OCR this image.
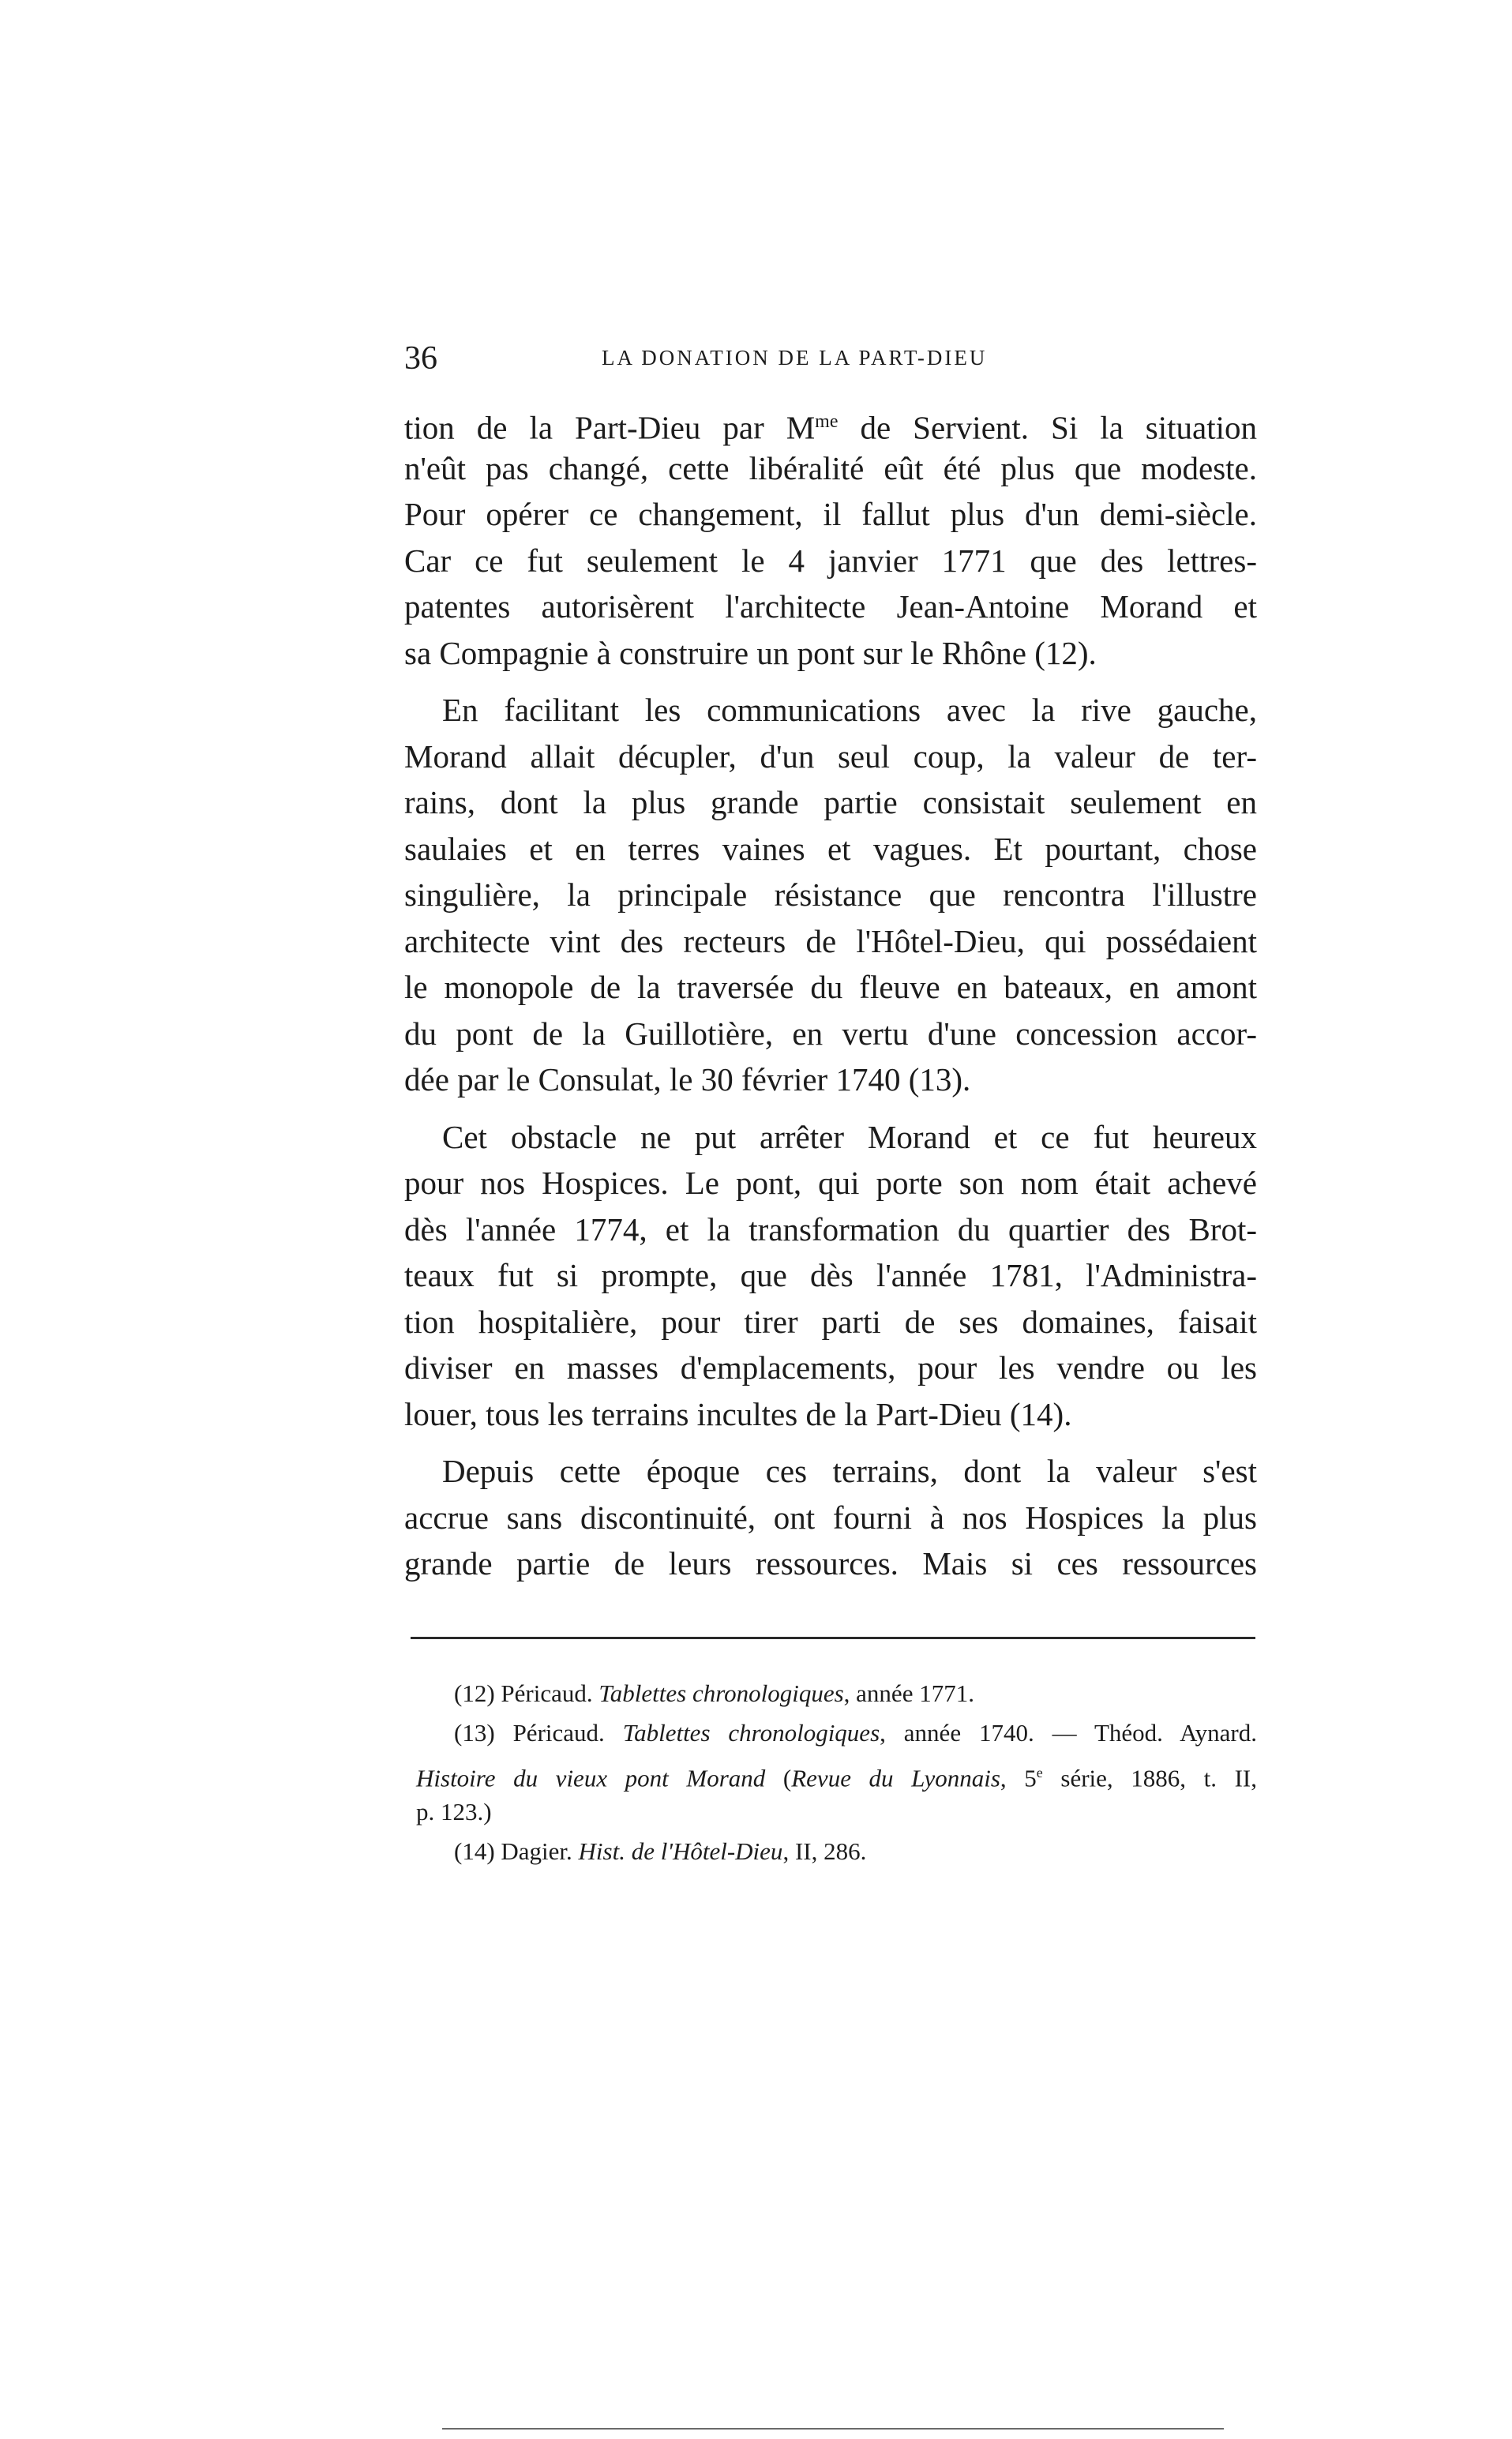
36	LA DONATION DE LA PART-DIEU
tion de la Part-Dieu par $M^{me}$ de Servient. Si la situation
n'eût pas changé, cette libéralité eût été plus que modeste.
Pour opérer ce changement, il fallut plus d'un demi-siècle.
Car ce fut seulement le 4 janvier 1771 que des lettres-
patentes autorisèrent l'architecte Jean-Antoine Morand et
sa Compagnie à construire un pont sur le Rhône (12).
En facilitant les communications avec la rive gauche,
Morand allait décupler, d'un seul coup, la valeur de ter-
rains, dont la plus grande partie consistait seulement en
saulaies et en terres vaines et vagues. Et pourtant, chose
singulière, la principale résistance que rencontra l'illustre
architecte vint des recteurs de l'Hôtel-Dieu, qui possédaient
le monopole de la traversée du fleuve en bateaux, en amont
du pont de la Guillotière, en vertu d'une concession accor-
dée par le Consulat, le 30 février 1740 (13).
Cet obstacle ne put arrêter Morand et ce fut heureux
pour nos Hospices. Le pont, qui porte son nom était achevé
dès l'année 1774, et la transformation du quartier des Brot-
teaux fut si prompte, que dès l'année 1781, l'Administra-
tion hospitalière, pour tirer parti de ses domaines, faisait
diviser en masses d'emplacements, pour les vendre ou les
louer, tous les terrains incultes de la Part-Dieu (14).
Depuis cette époque ces terrains, dont la valeur s'est
accrue sans discontinuité, ont fourni à nos Hospices la plus
grande partie de leurs ressources. Mais si ces ressources
(12) Péricaud. Tablettes chronologiques, année 1771.
(13) Péricaud. Tablettes chronologiques, année 1740. — Théod. Aynard.
Histoire du vieux pont Morand (Revue du Lyonnais, 5e série, 1886, t. II,
p. 123.)
(14) Dagier. Hist. de l'Hôtel-Dieu, II, 286.
